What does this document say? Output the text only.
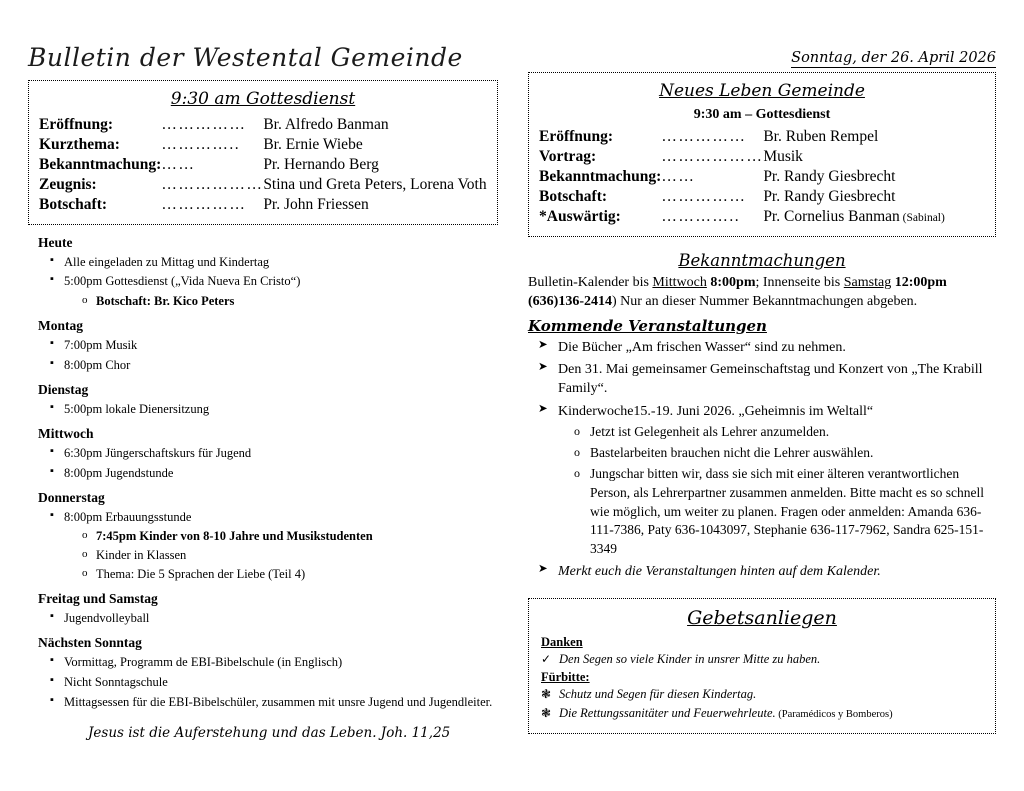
Bulletin der Westental Gemeinde
9:30 am Gottesdienst
Eröffnung:	……………	Br. Alfredo Banman
Kurzthema:	…………..	Br. Ernie Wiebe
Bekanntmachung:	……	Pr. Hernando Berg
Zeugnis:	………………	Stina und Greta Peters, Lorena Voth
Botschaft:	……………	Pr. John Friessen
Heute
▪ Alle eingeladen zu Mittag und Kindertag
▪ 5:00pm Gottesdienst („Vida Nueva En Cristo“)
o Botschaft: Br. Kico Peters
Montag
▪ 7:00pm Musik
▪ 8:00pm Chor
Dienstag
▪ 5:00pm lokale Dienersitzung
Mittwoch
▪ 6:30pm Jüngerschaftskurs für Jugend
▪ 8:00pm Jugendstunde
Donnerstag
▪ 8:00pm Erbauungsstunde
o 7:45pm Kinder von 8-10 Jahre und Musikstudenten
o Kinder in Klassen
o Thema: Die 5 Sprachen der Liebe (Teil 4)
Freitag und Samstag
▪ Jugendvolleyball
Nächsten Sonntag
▪ Vormittag, Programm de EBI-Bibelschule (in Englisch)
▪ Nicht Sonntagschule
▪ Mittagsessen für die EBI-Bibelschüler, zusammen mit unsre Jugend und Jugendleiter.
Jesus ist die Auferstehung und das Leben. Joh. 11,25
Sonntag, der 26. April 2026
Neues Leben Gemeinde
9:30 am – Gottesdienst
Eröffnung:	……………	Br. Ruben Rempel
Vortrag:	………………	Musik
Bekanntmachung:	……	Pr. Randy Giesbrecht
Botschaft:	……………	Pr. Randy Giesbrecht
*Auswärtig:	…………..	Pr. Cornelius Banman (Sabinal)
Bekanntmachungen
Bulletin-Kalender bis Mittwoch 8:00pm; Innenseite bis Samstag 12:00pm (636)136-2414) Nur an dieser Nummer Bekanntmachungen abgeben.
Kommende Veranstaltungen
➤ Die Bücher „Am frischen Wasser“ sind zu nehmen.
➤ Den 31. Mai gemeinsamer Gemeinschaftstag und Konzert von „The Krabill Family“.
➤ Kinderwoche15.-19. Juni 2026. „Geheimnis im Weltall“
o Jetzt ist Gelegenheit als Lehrer anzumelden.
o Bastelarbeiten brauchen nicht die Lehrer auswählen.
o Jungschar bitten wir, dass sie sich mit einer älteren verantwortlichen Person, als Lehrerpartner zusammen anmelden. Bitte macht es so schnell wie möglich, um weiter zu planen. Fragen oder anmelden: Amanda 636-111-7386, Paty 636-1043097, Stephanie 636-117-7962, Sandra 625-151-3349
➤ Merkt euch die Veranstaltungen hinten auf dem Kalender.
Gebetsanliegen
Danken
✓ Den Segen so viele Kinder in unsrer Mitte zu haben.
Fürbitte:
❃ Schutz und Segen für diesen Kindertag.
❃ Die Rettungssanitäter und Feuerwehrleute. (Paramédicos y Bomberos)
